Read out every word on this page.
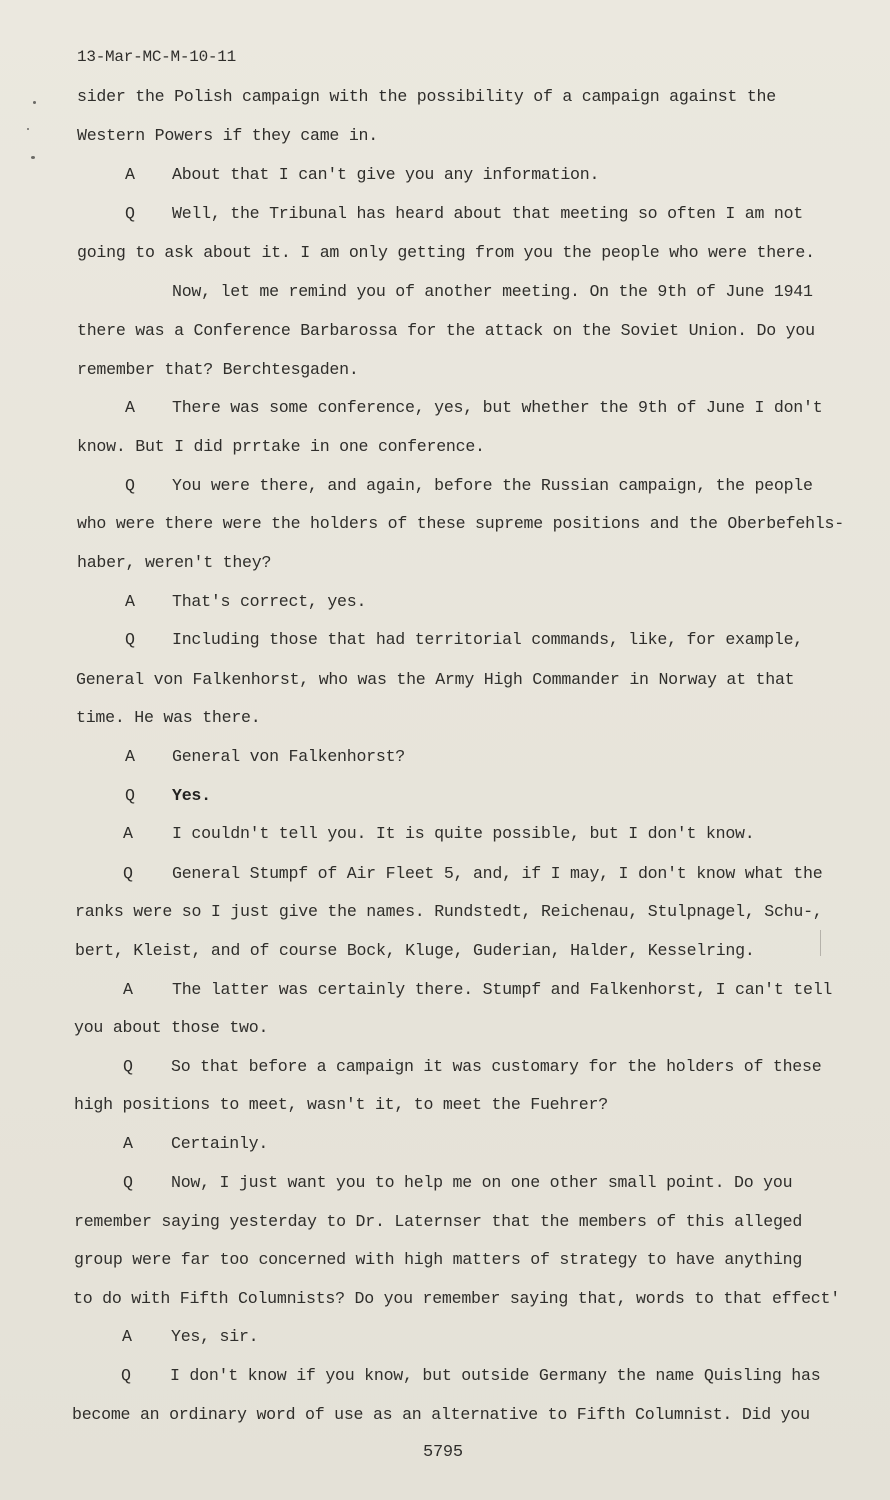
13-Mar-MC-M-10-11
sider the Polish campaign with the possibility of a campaign against the
Western Powers if they came in.
A About that I can't give you any information.
Q Well, the Tribunal has heard about that meeting so often I am not
going to ask about it. I am only getting from you the people who were there.
Now, let me remind you of another meeting. On the 9th of June 1941
there was a Conference Barbarossa for the attack on the Soviet Union. Do you
remember that? Berchtesgaden.
A There was some conference, yes, but whether the 9th of June I don't
know. But I did prrtake in one conference.
Q You were there, and again, before the Russian campaign, the people
who were there were the holders of these supreme positions and the Oberbefehls-
haber, weren't they?
A That's correct, yes.
Q Including those that had territorial commands, like, for example,
General von Falkenhorst, who was the Army High Commander in Norway at that
time. He was there.
A General von Falkenhorst?
Q Yes.
A I couldn't tell you. It is quite possible, but I don't know.
Q General Stumpf of Air Fleet 5, and, if I may, I don't know what the
ranks were so I just give the names. Rundstedt, Reichenau, Stulpnagel, Schu-,
bert, Kleist, and of course Bock, Kluge, Guderian, Halder, Kesselring.
A The latter was certainly there. Stumpf and Falkenhorst, I can't tell
you about those two.
Q So that before a campaign it was customary for the holders of these
high positions to meet, wasn't it, to meet the Fuehrer?
A Certainly.
Q Now, I just want you to help me on one other small point. Do you
remember saying yesterday to Dr. Laternser that the members of this alleged
group were far too concerned with high matters of strategy to have anything
to do with Fifth Columnists? Do you remember saying that, words to that effect'
A Yes, sir.
Q I don't know if you know, but outside Germany the name Quisling has
become an ordinary word of use as an alternative to Fifth Columnist. Did you
5795
